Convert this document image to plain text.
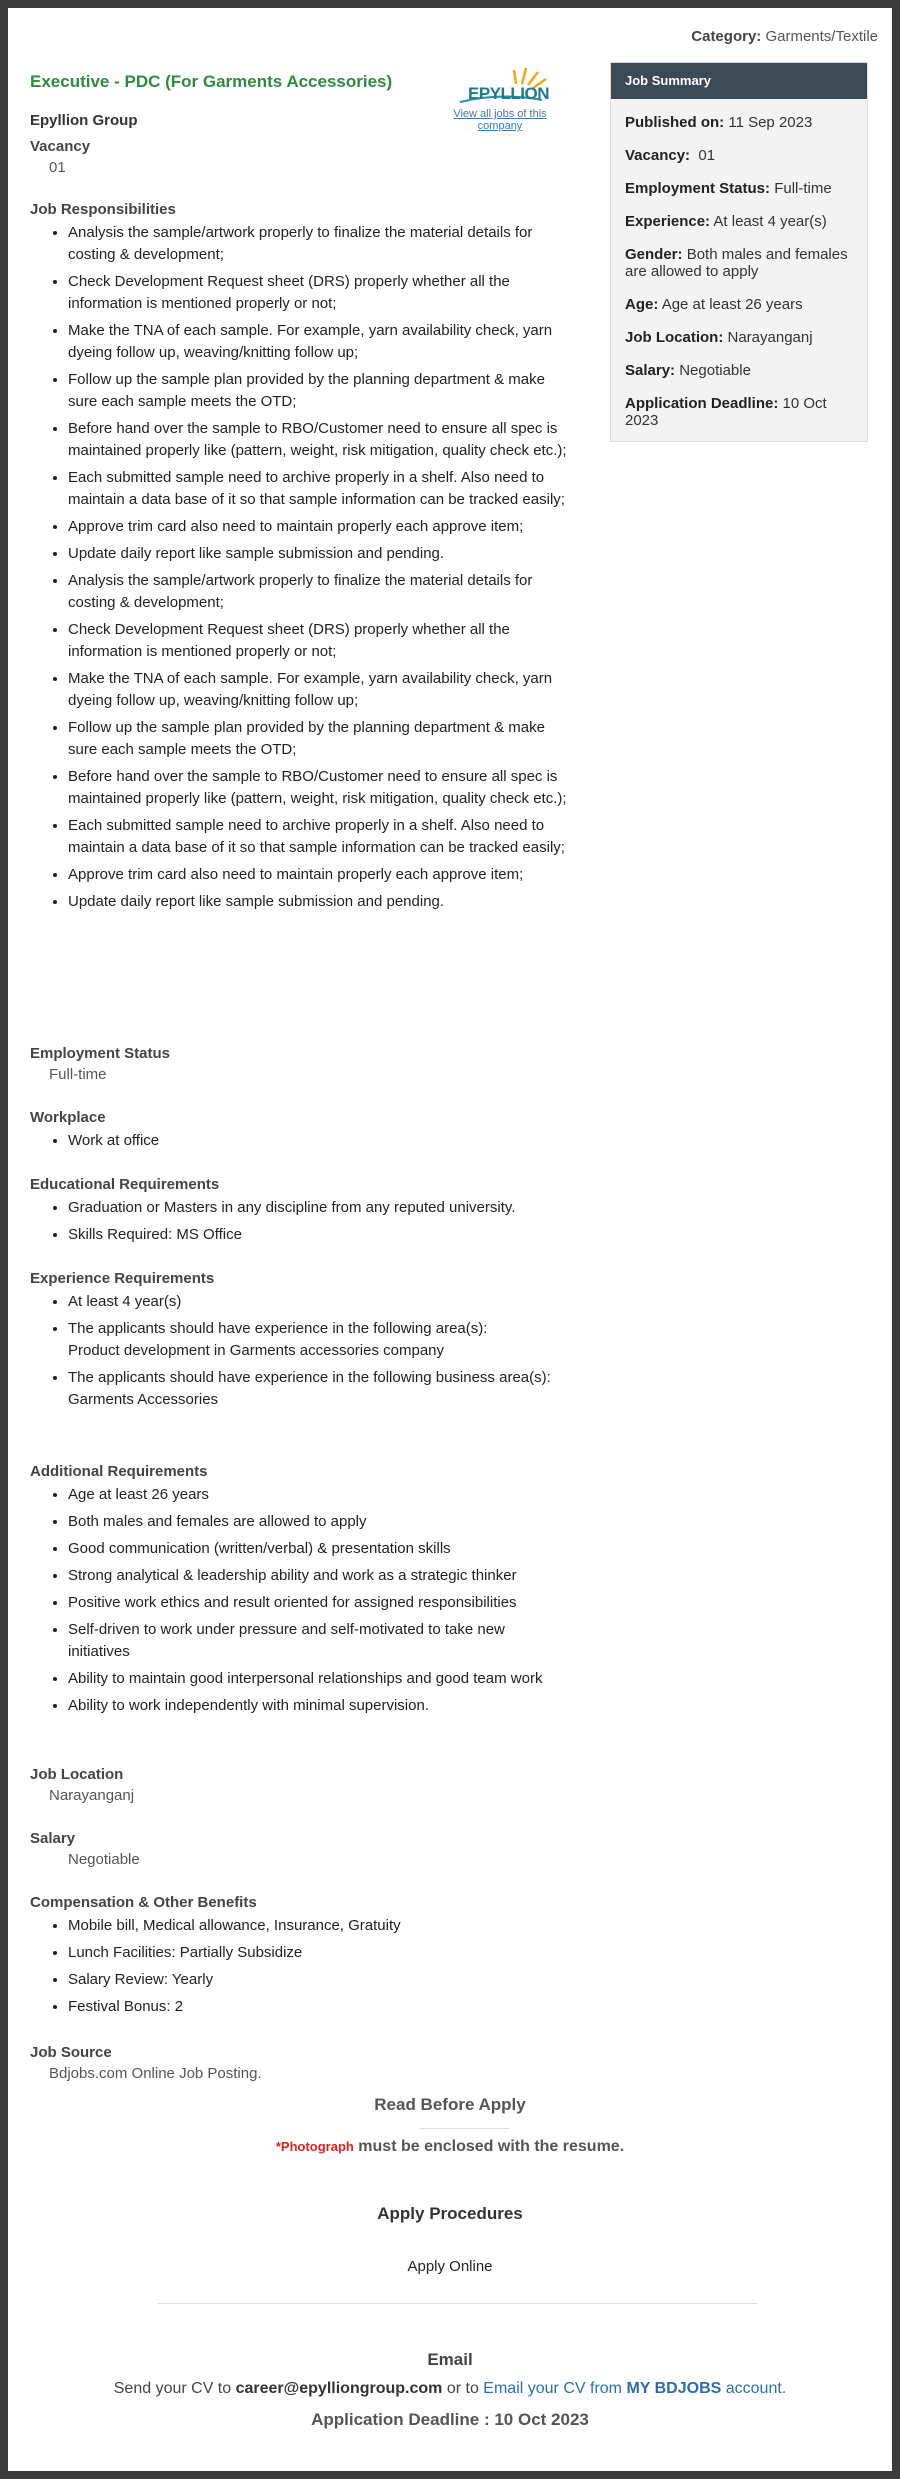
Category: Garments/Textile
Executive - PDC (For Garments Accessories)
Epyllion Group
EPYLLION
View all jobs of this company
Vacancy
01
Job Responsibilities
• Analysis the sample/artwork properly to finalize the material details for costing & development;
• Check Development Request sheet (DRS) properly whether all the information is mentioned properly or not;
• Make the TNA of each sample. For example, yarn availability check, yarn dyeing follow up, weaving/knitting follow up;
• Follow up the sample plan provided by the planning department & make sure each sample meets the OTD;
• Before hand over the sample to RBO/Customer need to ensure all spec is maintained properly like (pattern, weight, risk mitigation, quality check etc.);
• Each submitted sample need to archive properly in a shelf. Also need to maintain a data base of it so that sample information can be tracked easily;
• Approve trim card also need to maintain properly each approve item;
• Update daily report like sample submission and pending.
• Analysis the sample/artwork properly to finalize the material details for costing & development;
• Check Development Request sheet (DRS) properly whether all the information is mentioned properly or not;
• Make the TNA of each sample. For example, yarn availability check, yarn dyeing follow up, weaving/knitting follow up;
• Follow up the sample plan provided by the planning department & make sure each sample meets the OTD;
• Before hand over the sample to RBO/Customer need to ensure all spec is maintained properly like (pattern, weight, risk mitigation, quality check etc.);
• Each submitted sample need to archive properly in a shelf. Also need to maintain a data base of it so that sample information can be tracked easily;
• Approve trim card also need to maintain properly each approve item;
• Update daily report like sample submission and pending.
Employment Status
Full-time
Workplace
• Work at office
Educational Requirements
• Graduation or Masters in any discipline from any reputed university.
• Skills Required: MS Office
Experience Requirements
• At least 4 year(s)
• The applicants should have experience in the following area(s):
Product development in Garments accessories company
• The applicants should have experience in the following business area(s):
Garments Accessories
Additional Requirements
• Age at least 26 years
• Both males and females are allowed to apply
• Good communication (written/verbal) & presentation skills
• Strong analytical & leadership ability and work as a strategic thinker
• Positive work ethics and result oriented for assigned responsibilities
• Self-driven to work under pressure and self-motivated to take new initiatives
• Ability to maintain good interpersonal relationships and good team work
• Ability to work independently with minimal supervision.
Job Location
Narayanganj
Salary
Negotiable
Compensation & Other Benefits
• Mobile bill, Medical allowance, Insurance, Gratuity
• Lunch Facilities: Partially Subsidize
• Salary Review: Yearly
• Festival Bonus: 2
Job Source
Bdjobs.com Online Job Posting.
Job Summary
Published on: 11 Sep 2023
Vacancy: 01
Employment Status: Full-time
Experience: At least 4 year(s)
Gender: Both males and females are allowed to apply
Age: Age at least 26 years
Job Location: Narayanganj
Salary: Negotiable
Application Deadline: 10 Oct 2023
Read Before Apply
*Photograph must be enclosed with the resume.
Apply Procedures
Apply Online
Email
Send your CV to career@epylliongroup.com or to Email your CV from MY BDJOBS account.
Application Deadline : 10 Oct 2023
